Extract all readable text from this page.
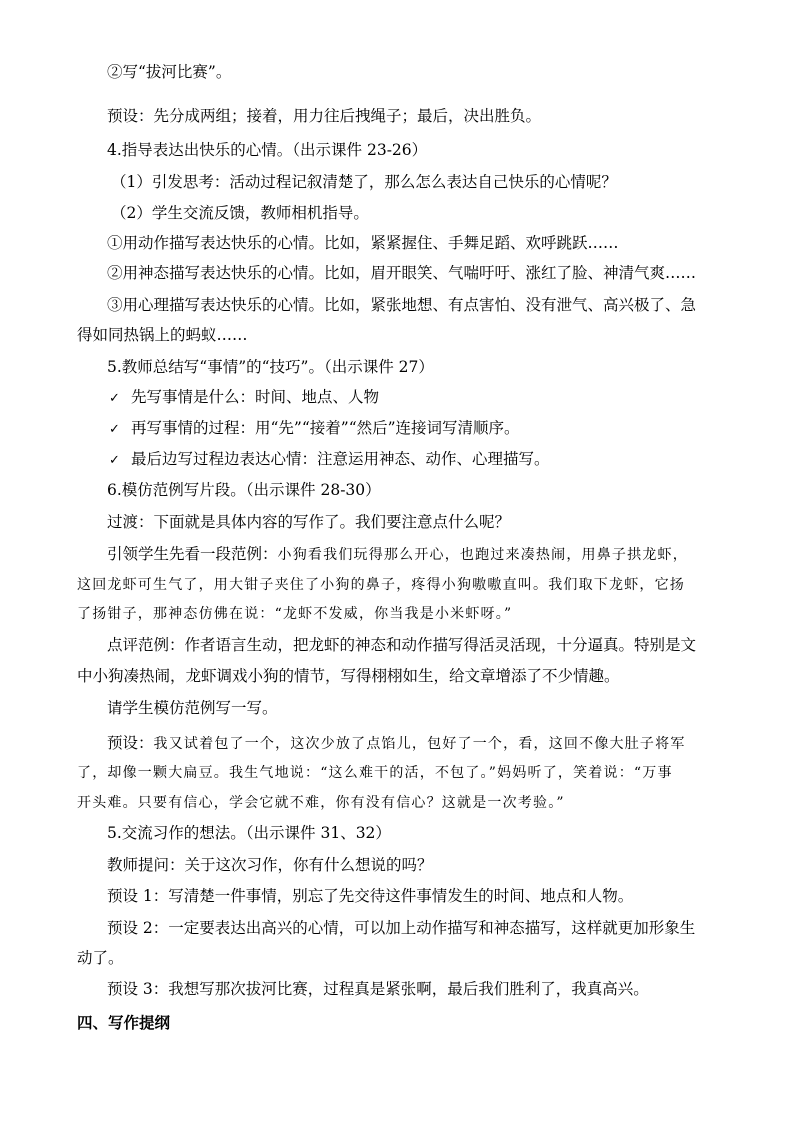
②写“拔河比赛”。
预设：先分成两组；接着，用力往后拽绳子；最后，决出胜负。
4.指导表达出快乐的心情。（出示课件 23-26）
（1）引发思考：活动过程记叙清楚了，那么怎么表达自己快乐的心情呢？
（2）学生交流反馈，教师相机指导。
①用动作描写表达快乐的心情。比如，紧紧握住、手舞足蹈、欢呼跳跃……
②用神态描写表达快乐的心情。比如，眉开眼笑、气喘吁吁、涨红了脸、神清气爽……
③用心理描写表达快乐的心情。比如，紧张地想、有点害怕、没有泄气、高兴极了、急
得如同热锅上的蚂蚁……
5.教师总结写“事情”的“技巧”。（出示课件 27）
✓ 先写事情是什么：时间、地点、人物
✓ 再写事情的过程：用“先”“接着”“然后”连接词写清顺序。
✓ 最后边写过程边表达心情：注意运用神态、动作、心理描写。
6.模仿范例写片段。（出示课件 28-30）
过渡：下面就是具体内容的写作了。我们要注意点什么呢？
引领学生先看一段范例：小狗看我们玩得那么开心，也跑过来凑热闹，用鼻子拱龙虾，
这回龙虾可生气了，用大钳子夹住了小狗的鼻子，疼得小狗嗷嗷直叫。我们取下龙虾，它扬
了扬钳子，那神态仿佛在说：“龙虾不发威，你当我是小米虾呀。”
点评范例：作者语言生动，把龙虾的神态和动作描写得活灵活现，十分逼真。特别是文
中小狗凑热闹，龙虾调戏小狗的情节，写得栩栩如生，给文章增添了不少情趣。
请学生模仿范例写一写。
预设：我又试着包了一个，这次少放了点馅儿，包好了一个，看，这回不像大肚子将军
了，却像一颗大扁豆。我生气地说：“这么难干的活，不包了。”妈妈听了，笑着说：“万事
开头难。只要有信心，学会它就不难，你有没有信心？这就是一次考验。”
5.交流习作的想法。（出示课件 31、32）
教师提问：关于这次习作，你有什么想说的吗？
预设 1：写清楚一件事情，别忘了先交待这件事情发生的时间、地点和人物。
预设 2：一定要表达出高兴的心情，可以加上动作描写和神态描写，这样就更加形象生
动了。
预设 3：我想写那次拔河比赛，过程真是紧张啊，最后我们胜利了，我真高兴。
四、写作提纲
